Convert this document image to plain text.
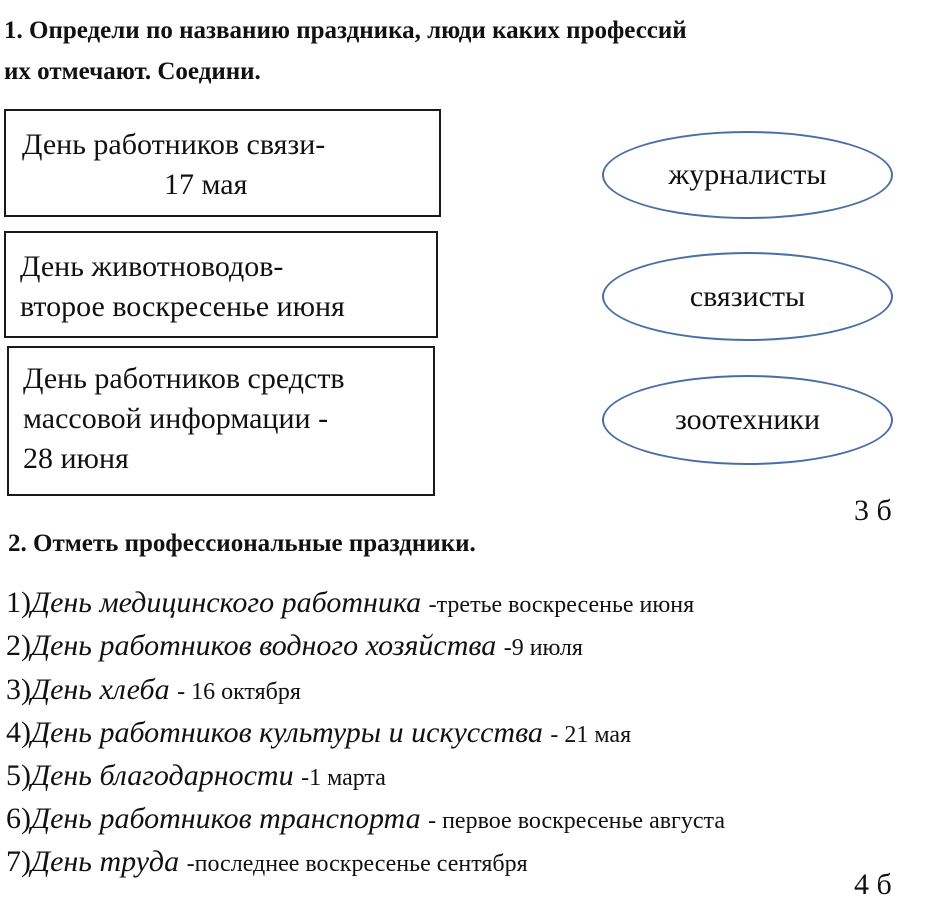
1. Определи по названию праздника, люди каких профессий
их отмечают. Соедини.
День работников связи-
17 мая
День животноводов-
второе воскресенье июня
День работников средств
массовой информации -
28 июня
журналисты
связисты
зоотехники
3 б
2. Отметь профессиональные праздники.
1)День медицинского работника -третье воскресенье июня
2)День работников водного хозяйства -9 июля
3)День хлеба - 16 октября
4)День работников культуры и искусства - 21 мая
5)День благодарности -1 марта
6)День работников транспорта - первое воскресенье августа
7)День труда -последнее воскресенье сентября
4 б
